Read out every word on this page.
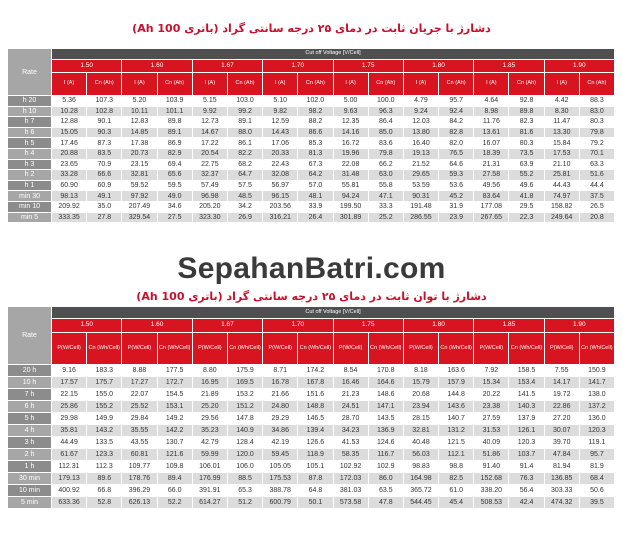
دشارژ با جریان ثابت در دمای ۲۵ درجه سانتی گراد (باتری 100 Ah)
Rate	Cut off Voltage [V/Cell]															
	1.50		1.60		1.67		1.70		1.75		1.80		1.85		1.90	
	I (A)	Cn (Ah)	I (A)	Cn (Ah)	I (A)	Cn (Ah)	I (A)	Cn (Ah)	I (A)	Cn (Ah)	I (A)	Cn (Ah)	I (A)	Cn (Ah)	I (A)	Cn (Ah)
h 20	5.36	107.3	5.20	103.9	5.15	103.0	5.10	102.0	5.00	100.0	4.79	95.7	4.64	92.8	4.42	88.3
h 10	10.28	102.8	10.11	101.1	9.92	99.2	9.82	98.2	9.63	96.3	9.24	92.4	8.98	89.8	8.30	83.0
h 7	12.88	90.1	12.83	89.8	12.73	89.1	12.59	88.2	12.35	86.4	12.03	84.2	11.76	82.3	11.47	80.3
h 6	15.05	90.3	14.85	89.1	14.67	88.0	14.43	86.6	14.16	85.0	13.80	82.8	13.61	81.6	13.30	79.8
h 5	17.46	87.3	17.38	86.9	17.22	86.1	17.06	85.3	16.72	83.6	16.40	82.0	16.07	80.3	15.84	79.2
h 4	20.88	83.5	20.73	82.9	20.54	82.2	20.33	81.3	19.96	79.8	19.13	76.5	18.39	73.5	17.53	70.1
h 3	23.65	70.9	23.15	69.4	22.75	68.2	22.43	67.3	22.08	66.2	21.52	64.6	21.31	63.9	21.10	63.3
h 2	33.28	66.6	32.81	65.6	32.37	64.7	32.08	64.2	31.48	63.0	29.65	59.3	27.58	55.2	25.81	51.6
h 1	60.90	60.9	59.52	59.5	57.49	57.5	56.97	57.0	55.81	55.8	53.59	53.6	49.56	49.6	44.43	44.4
min 30	98.13	49.1	97.92	49.0	96.98	48.5	96.15	48.1	94.24	47.1	90.31	45.2	83.64	41.8	74.97	37.5
min 10	209.92	35.0	207.49	34.6	205.20	34.2	203.56	33.9	199.50	33.3	191.48	31.9	177.08	29.5	158.82	26.5
min 5	333.35	27.8	329.54	27.5	323.30	26.9	316.21	26.4	301.89	25.2	286.55	23.9	267.65	22.3	249.64	20.8
SepahanBatri.com
دشارژ با توان ثابت در دمای ۲۵ درجه سانتی گراد (باتری 100 Ah)
Rate	Cut off Voltage [V/Cell]															
	1.50		1.60		1.67		1.70		1.75		1.80		1.85		1.90	
	P(W/Cell)	Cn (Wh/Cell)	P(W/Cell)	Cn (Wh/Cell)	P(W/Cell)	Cn (Wh/Cell)	P(W/Cell)	Cn (Wh/Cell)	P(W/Cell)	Cn (Wh/Cell)	P(W/Cell)	Cn (Wh/Cell)	P(W/Cell)	Cn (Wh/Cell)	P(W/Cell)	Cn (Wh/Cell)
20 h	9.16	183.3	8.88	177.5	8.80	175.9	8.71	174.2	8.54	170.8	8.18	163.6	7.92	158.5	7.55	150.9
10 h	17.57	175.7	17.27	172.7	16.95	169.5	16.78	167.8	16.46	164.6	15.79	157.9	15.34	153.4	14.17	141.7
7 h	22.15	155.0	22.07	154.5	21.89	153.2	21.66	151.6	21.23	148.6	20.68	144.8	20.22	141.5	19.72	138.0
6 h	25.86	155.2	25.52	153.1	25.20	151.2	24.80	148.8	24.51	147.1	23.94	143.6	23.38	140.3	22.86	137.2
5 h	29.98	149.9	29.84	149.2	29.56	147.8	29.29	146.5	28.70	143.5	28.15	140.7	27.59	137.9	27.20	136.0
4 h	35.81	143.2	35.55	142.2	35.23	140.9	34.86	139.4	34.23	136.9	32.81	131.2	31.53	126.1	30.07	120.3
3 h	44.49	133.5	43.55	130.7	42.79	128.4	42.19	126.6	41.53	124.6	40.48	121.5	40.09	120.3	39.70	119.1
2 h	61.67	123.3	60.81	121.6	59.99	120.0	59.45	118.9	58.35	116.7	56.03	112.1	51.86	103.7	47.84	95.7
1 h	112.31	112.3	109.77	109.8	106.01	106.0	105.05	105.1	102.92	102.9	98.83	98.8	91.40	91.4	81.94	81.9
30 min	179.13	89.6	178.76	89.4	176.99	88.5	175.53	87.8	172.03	86.0	164.98	82.5	152.68	76.3	136.85	68.4
10 min	400.92	66.8	396.29	66.0	391.91	65.3	388.78	64.8	381.03	63.5	365.72	61.0	338.20	56.4	303.33	50.6
5 min	633.36	52.8	626.13	52.2	614.27	51.2	600.79	50.1	573.58	47.8	544.45	45.4	508.53	42.4	474.32	39.5
